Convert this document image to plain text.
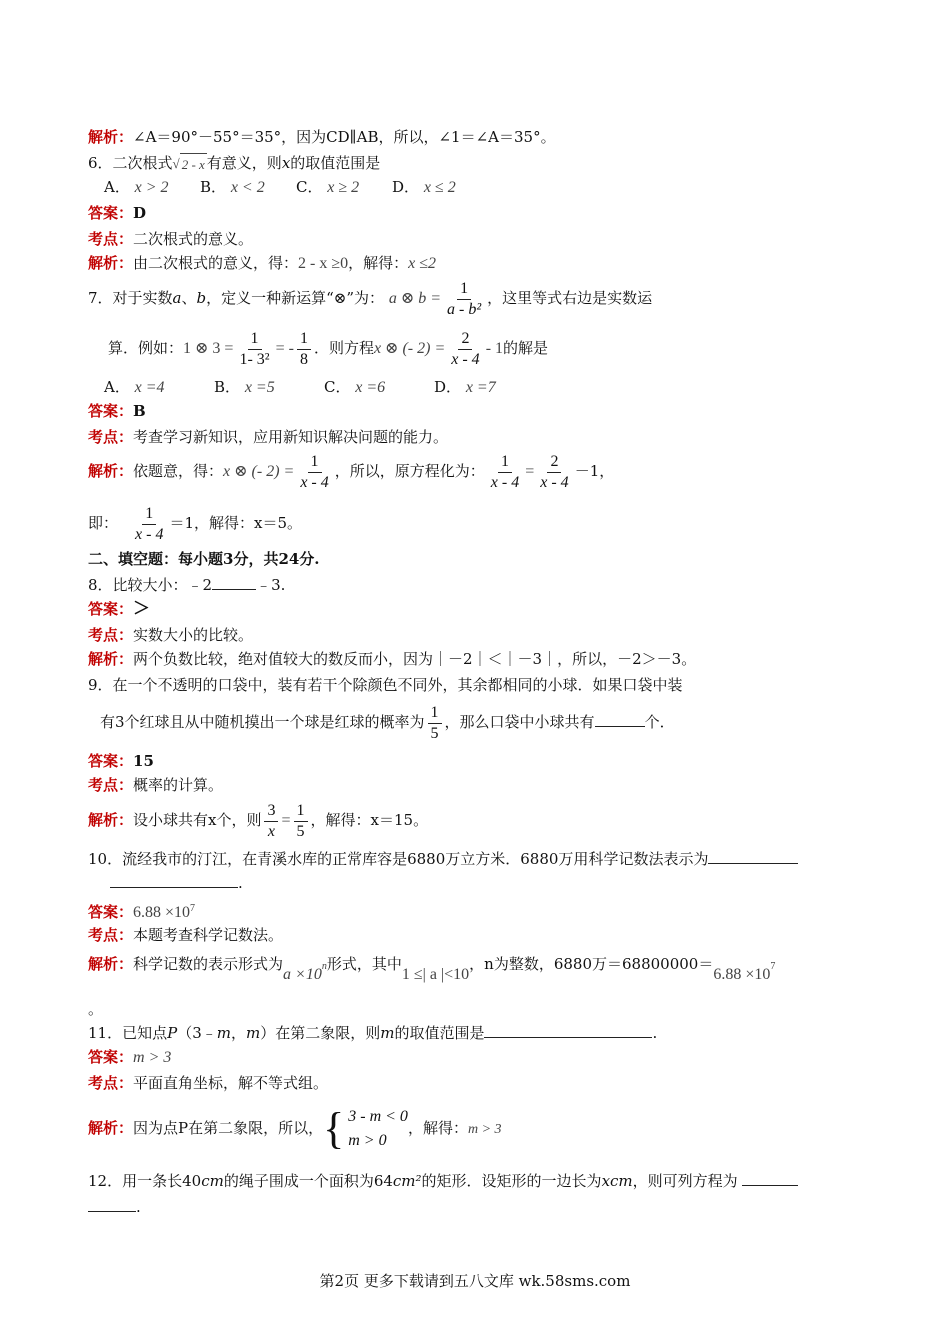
解析：∠A＝90°－55°＝35°，因为CD∥AB，所以，∠1＝∠A＝35°。
6．二次根式 √ 2 - x 有意义，则x的取值范围是
A． x > 2 B． x < 2 C． x ≥ 2 D． x ≤ 2
答案：D
考点：二次根式的意义。
解析：由二次根式的意义，得：2 - x ≥0，解得：x ≤2
7．对于实数a、b，定义一种新运算“⊗”为： a ⊗ $b = \frac{1}{\text{a - b²}}$ ，这里等式右边是实数运
算．例如：1 ⊗ $3 = \frac{1}{\text{1- 3²}}$ = - $\frac{1}{8}$ ．则方程x ⊗ (- $2) = \frac{2}{x - 4} - 1$的解是
A． x =4	B． x =5	C． x =6	D． x =7
答案：B
考点：考查学习新知识，应用新知识解决问题的能力。
解析：依题意，得：x ⊗ (- $2) = \frac{1}{x - 4}$ ，所以，原方程化为： $\frac{1}{x - 4} = \frac{2}{x - 4} -1$，
即： $\frac{1}{x - 4} =1$，解得：x＝5。
二、填空题：每小题3分，共24分.
8．比较大小：﹣2	﹣3.
答案：＞
考点：实数大小的比较。
解析：两个负数比较，绝对值较大的数反而小，因为｜－2｜＜｜－3｜，所以，－2＞－3。
9．在一个不透明的口袋中，装有若干个除颜色不同外，其余都相同的小球．如果口袋中装
有3个红球且从中随机摸出一个球是红球的概率为 $\frac{1}{5}$ ，那么口袋中小球共有	个．
答案：15
考点：概率的计算。
解析：设小球共有x个，则 $\frac{3}{x} = \frac{1}{5}$ ，解得：x＝15。
10．流经我市的汀江，在青溪水库的正常库容是6880万立方米．6880万用科学记数法表示为
.
答案：$6.88 \times 10^7$
考点：本题考查科学记数法。
解析：科学记数的表示形式为$a \times 10^n$形式，其中1 ≤| a |<10，n为整数，6880万$=68800000=6.88 \times 10^7$
。
11．已知点P（3﹣m，m）在第二象限，则m的取值范围是	.
答案：m > 3
考点：平面直角坐标，解不等式组。
解析：因为点P在第二象限，所以， { 3 - m < 0
m > 0
，解得：m > 3
12．用一条长40cm的绳子围成一个面积为64cm²的矩形．设矩形的一边长为xcm，则可列方程为
.
第2页 更多下载请到五八文库 wk.58sms.com
